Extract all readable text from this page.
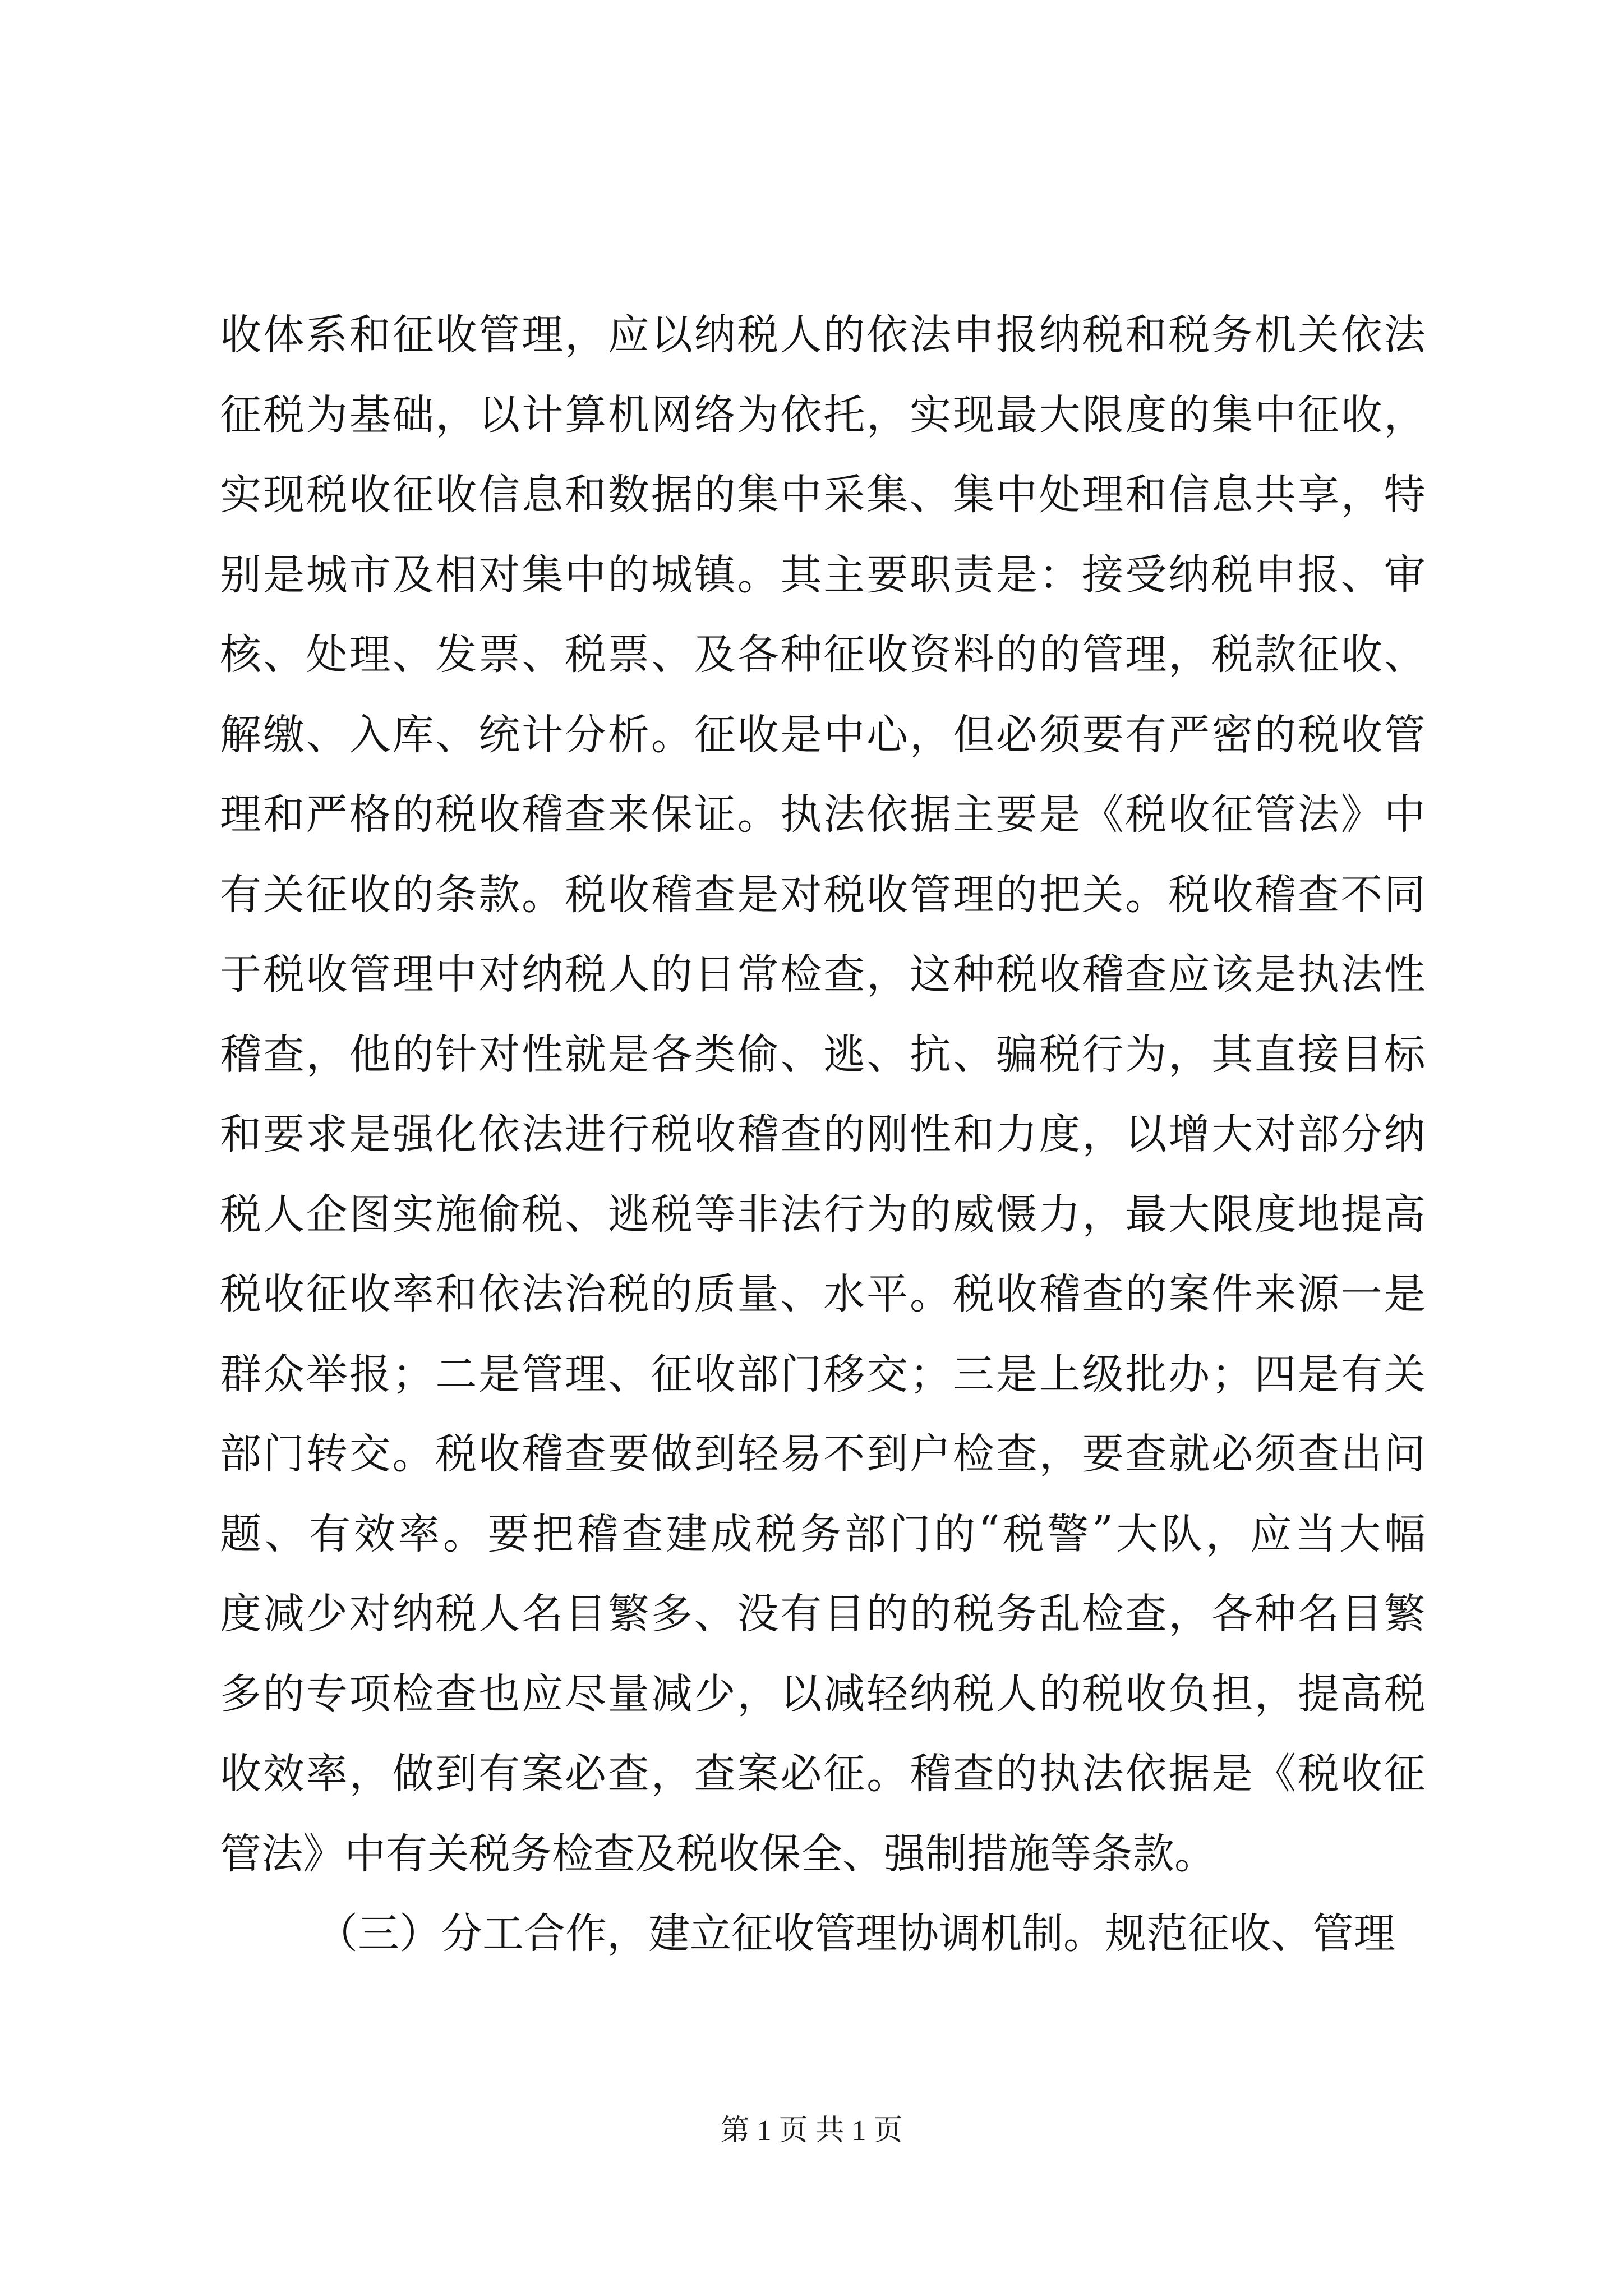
收 体 系 和 征 收 管 理 ， 应 以 纳 税 人 的 依 法 申 报 纳 税 和 税 务 机 关 依 法
征 税 为 基 础 ， 以 计 算 机 网 络 为 依 托 ， 实 现 最 大 限 度 的 集 中 征 收 ，
实 现 税 收 征 收 信 息 和 数 据 的 集 中 采 集 、 集 中 处 理 和 信 息 共 享 ， 特
别 是 城 市 及 相 对 集 中 的 城 镇 。 其 主 要 职 责 是 ： 接 受 纳 税 申 报 、 审
核 、 处 理 、 发 票 、 税 票 、 及 各 种 征 收 资 料 的 的 管 理 ， 税 款 征 收 、
解 缴 、 入 库 、 统 计 分 析 。 征 收 是 中 心 ， 但 必 须 要 有 严 密 的 税 收 管
理 和 严 格 的 税 收 稽 查 来 保 证 。 执 法 依 据 主 要 是 《 税 收 征 管 法 》 中
有 关 征 收 的 条 款 。 税 收 稽 查 是 对 税 收 管 理 的 把 关 。 税 收 稽 查 不 同
于 税 收 管 理 中 对 纳 税 人 的 日 常 检 查 ， 这 种 税 收 稽 查 应 该 是 执 法 性
稽 查 ， 他 的 针 对 性 就 是 各 类 偷 、 逃 、 抗 、 骗 税 行 为 ， 其 直 接 目 标
和 要 求 是 强 化 依 法 进 行 税 收 稽 查 的 刚 性 和 力 度 ， 以 增 大 对 部 分 纳
税 人 企 图 实 施 偷 税 、 逃 税 等 非 法 行 为 的 威 慑 力 ， 最 大 限 度 地 提 高
税 收 征 收 率 和 依 法 治 税 的 质 量 、 水 平 。 税 收 稽 查 的 案 件 来 源 一 是
群 众 举 报 ； 二 是 管 理 、 征 收 部 门 移 交 ； 三 是 上 级 批 办 ； 四 是 有 关
部 门 转 交 。 税 收 稽 查 要 做 到 轻 易 不 到 户 检 查 ， 要 查 就 必 须 查 出 问
题 、 有 效 率 。 要 把 稽 查 建 成 税 务 部 门 的 “ 税 警 ” 大 队 ， 应 当 大 幅
度 减 少 对 纳 税 人 名 目 繁 多 、 没 有 目 的 的 税 务 乱 检 查 ， 各 种 名 目 繁
多 的 专 项 检 查 也 应 尽 量 减 少 ， 以 减 轻 纳 税 人 的 税 收 负 担 ， 提 高 税
收 效 率 ， 做 到 有 案 必 查 ， 查 案 必 征 。 稽 查 的 执 法 依 据 是 《 税 收 征
管法》中有关税务检查及税收保全、强制措施等条款。
（三）分工合作，建立征收管理协调机制。规范征收、管理
第 1 页 共 1 页
